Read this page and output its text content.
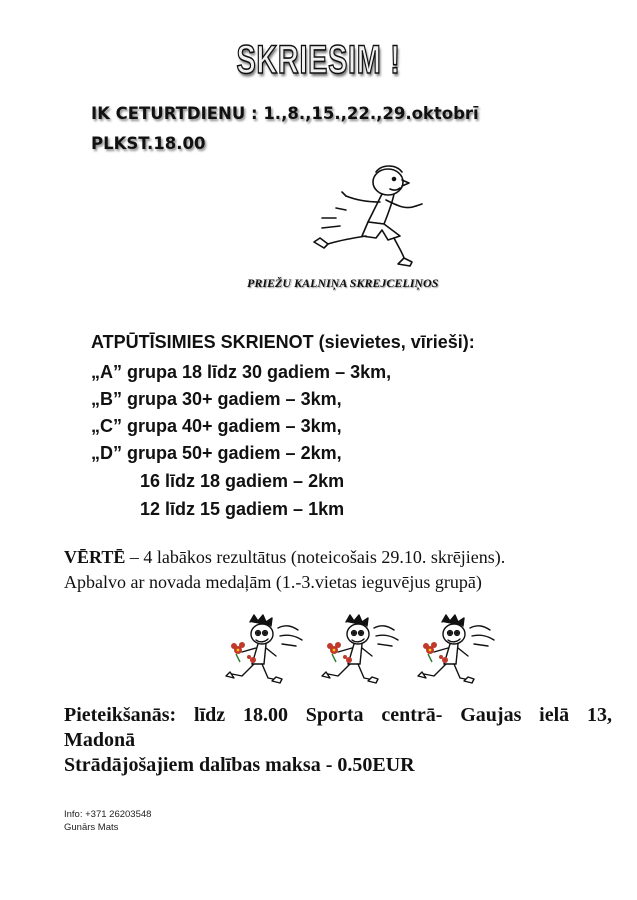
SKRIESIM !
IK CETURTDIENU : 1.,8.,15.,22.,29.oktobrī
PLKST.18.00
PRIEŽU KALNIŅA SKREJCELIŅOS
ATPŪTĪSIMIES SKRIENOT (sievietes, vīrieši):
„A” grupa 18 līdz 30 gadiem – 3km,
„B” grupa 30+ gadiem – 3km,
„C” grupa 40+ gadiem – 3km,
„D” grupa 50+ gadiem – 2km,
16 līdz 18 gadiem – 2km
12 līdz 15 gadiem – 1km
VĒRTĒ – 4 labākos rezultātus (noteicošais 29.10. skrējiens).
Apbalvo ar novada medaļām (1.-3.vietas ieguvējus grupā)
Pieteikšanās: līdz 18.00 Sporta centrā- Gaujas ielā 13,
Madonā
Strādājošajiem dalības maksa - 0.50EUR
Info: +371 26203548
Gunārs Mats
